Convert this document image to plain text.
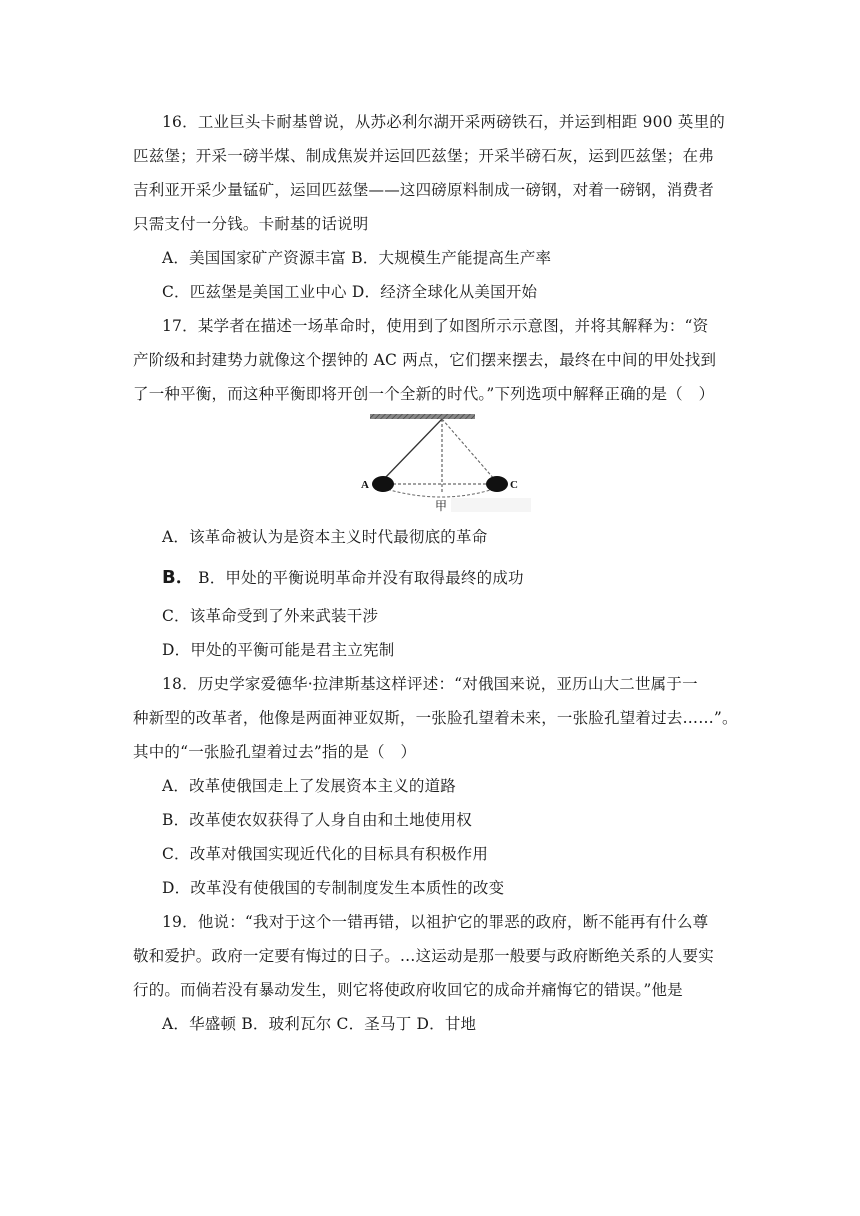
16．工业巨头卡耐基曾说，从苏必利尔湖开采两磅铁石，并运到相距 900 英里的
匹兹堡；开采一磅半煤、制成焦炭并运回匹兹堡；开采半磅石灰，运到匹兹堡；在弗
吉利亚开采少量锰矿，运回匹兹堡——这四磅原料制成一磅钢，对着一磅钢，消费者
只需支付一分钱。卡耐基的话说明
A．美国国家矿产资源丰富 B．大规模生产能提高生产率
C．匹兹堡是美国工业中心 D．经济全球化从美国开始
17．某学者在描述一场革命时，使用到了如图所示示意图，并将其解释为：“资
产阶级和封建势力就像这个摆钟的 AC 两点，它们摆来摆去，最终在中间的甲处找到
了一种平衡，而这种平衡即将开创一个全新的时代。”下列选项中解释正确的是（　）
A	C
甲
A．该革命被认为是资本主义时代最彻底的革命
B． B．甲处的平衡说明革命并没有取得最终的成功
C．该革命受到了外来武装干涉
D．甲处的平衡可能是君主立宪制
18．历史学家爱德华·拉津斯基这样评述：“对俄国来说，亚历山大二世属于一
种新型的改革者，他像是两面神亚奴斯，一张脸孔望着未来，一张脸孔望着过去……”。
其中的“一张脸孔望着过去”指的是（　）
A．改革使俄国走上了发展资本主义的道路
B．改革使农奴获得了人身自由和土地使用权
C．改革对俄国实现近代化的目标具有积极作用
D．改革没有使俄国的专制制度发生本质性的改变
19．他说：“我对于这个一错再错，以祖护它的罪恶的政府，断不能再有什么尊
敬和爱护。政府一定要有悔过的日子。…这运动是那一般要与政府断绝关系的人要实
行的。而倘若没有暴动发生，则它将使政府收回它的成命并痛悔它的错误。”他是
A．华盛顿 B．玻利瓦尔 C．圣马丁 D．甘地
